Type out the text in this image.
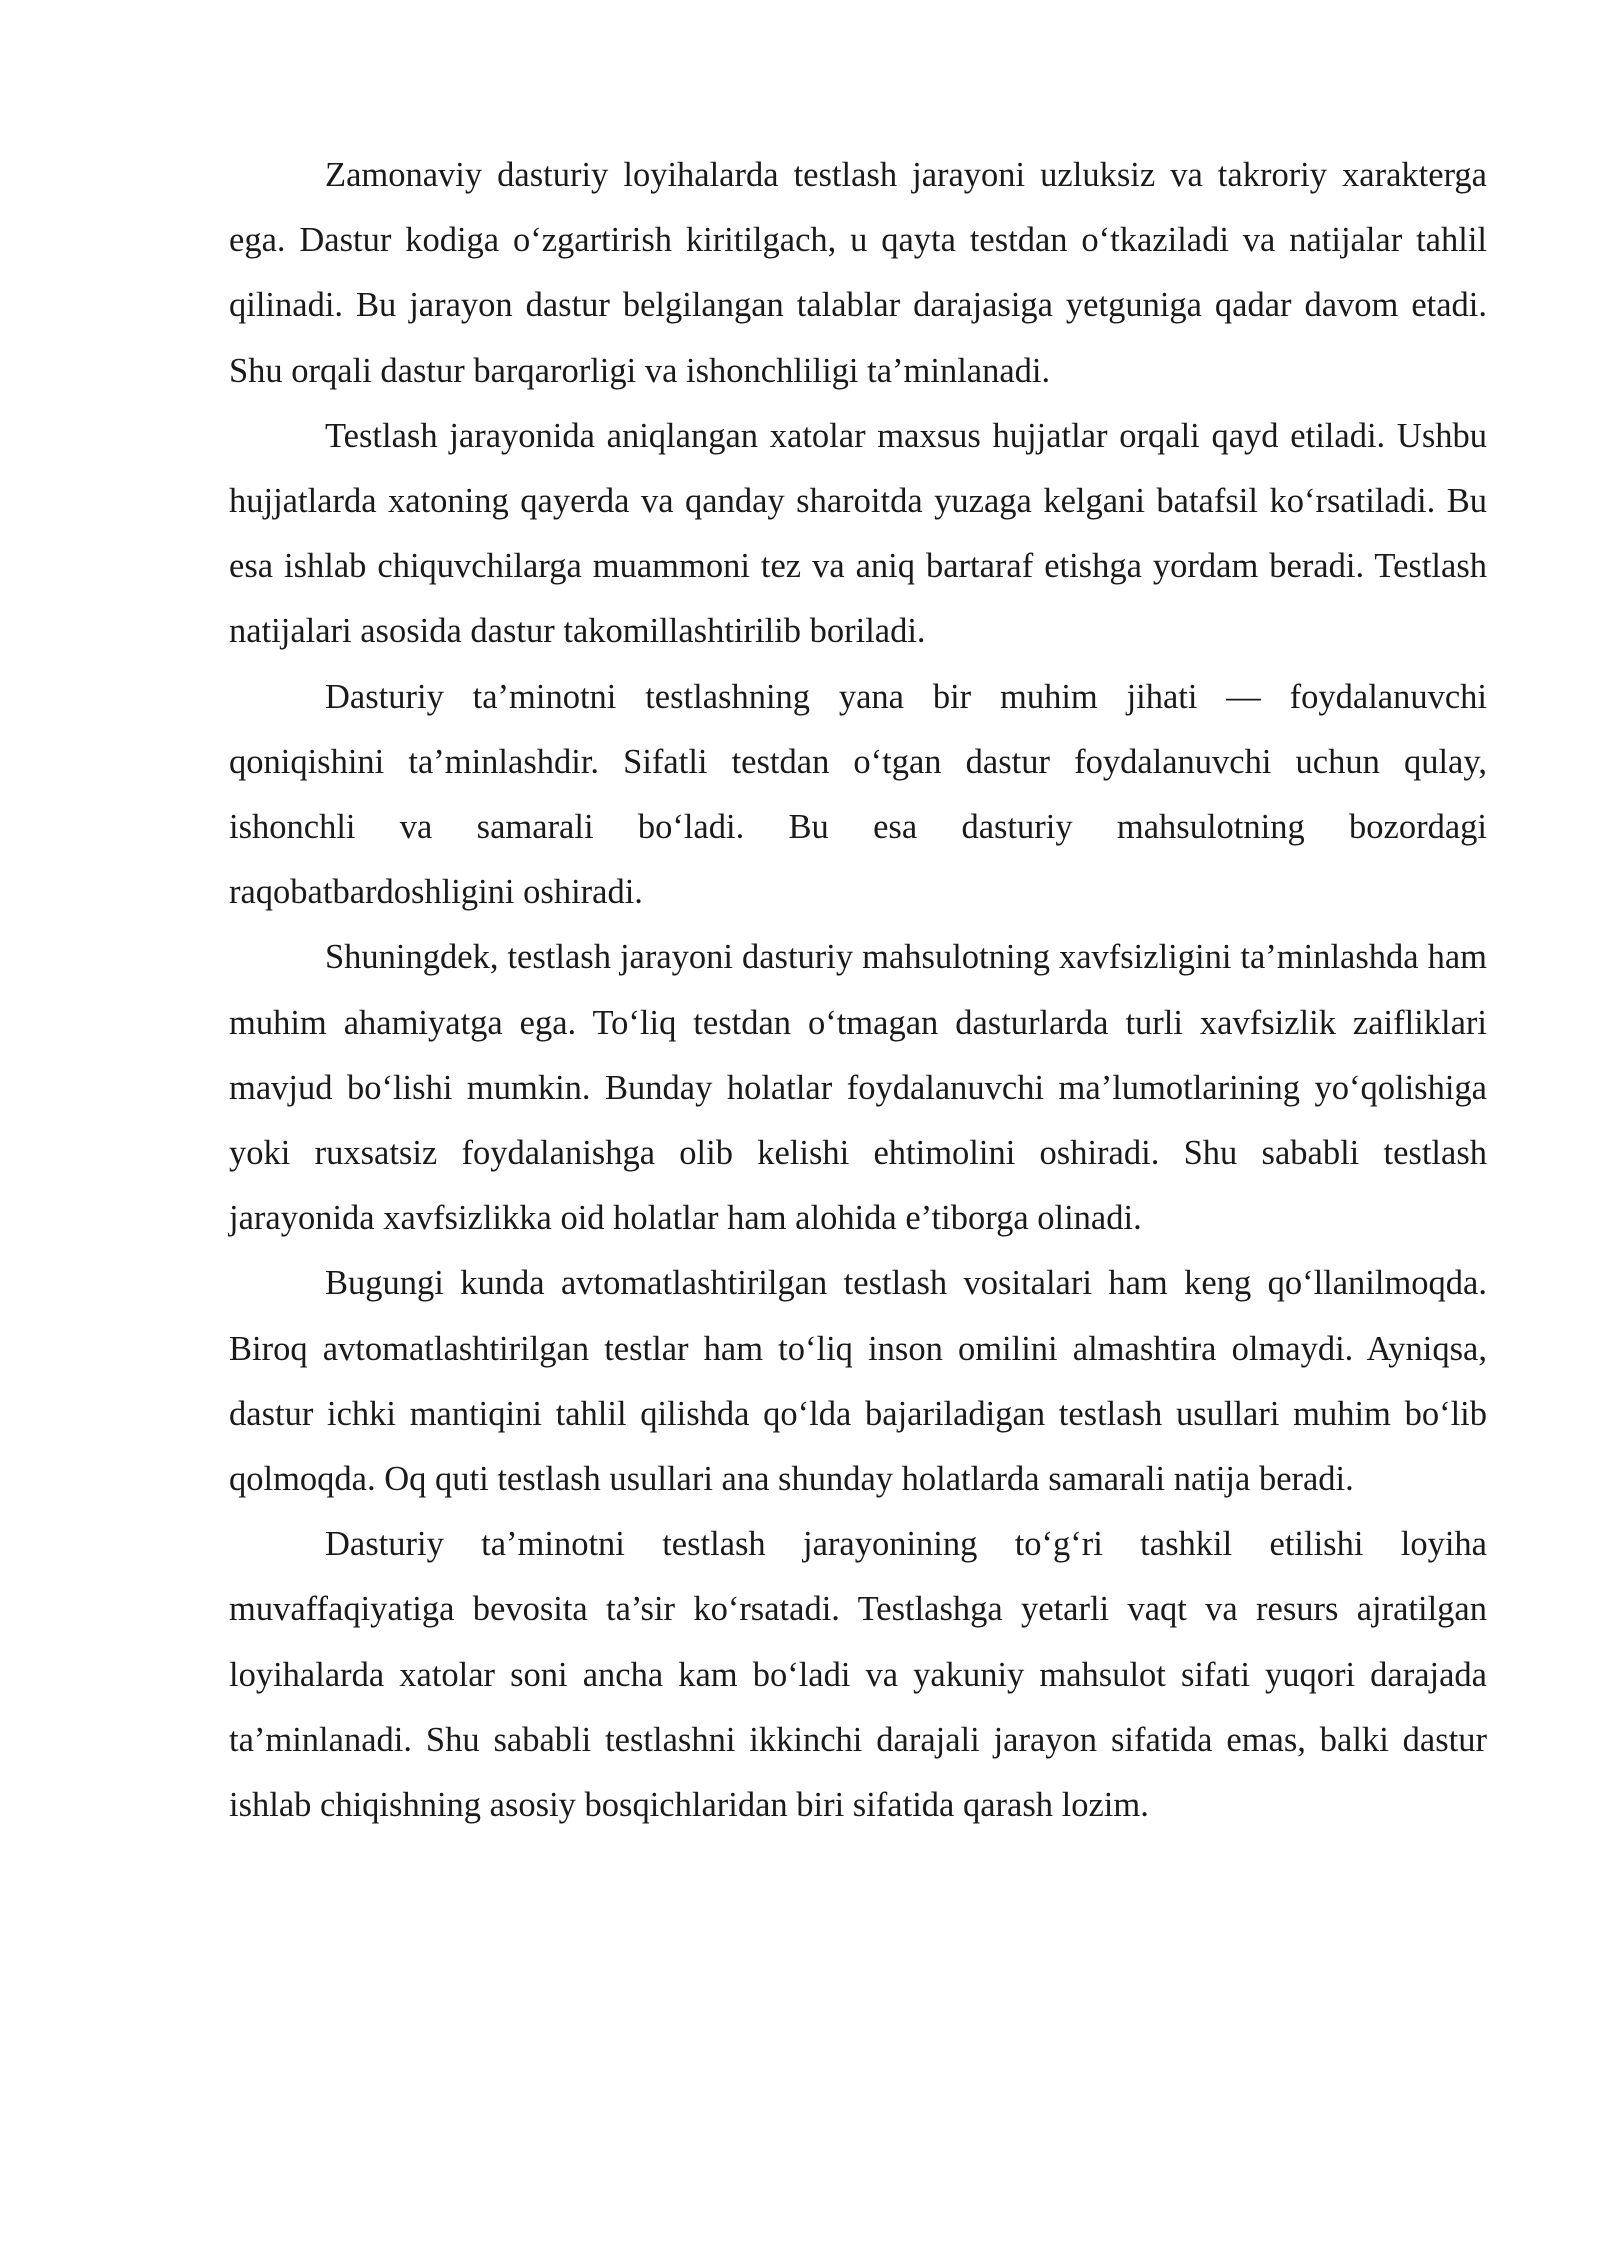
Zamonaviy dasturiy loyihalarda testlash jarayoni uzluksiz va takroriy xarakterga ega. Dastur kodiga o‘zgartirish kiritilgach, u qayta testdan o‘tkaziladi va natijalar tahlil qilinadi. Bu jarayon dastur belgilangan talablar darajasiga yetguniga qadar davom etadi. Shu orqali dastur barqarorligi va ishonchliligi ta’minlanadi.

Testlash jarayonida aniqlangan xatolar maxsus hujjatlar orqali qayd etiladi. Ushbu hujjatlarda xatoning qayerda va qanday sharoitda yuzaga kelgani batafsil ko‘rsatiladi. Bu esa ishlab chiquvchilarga muammoni tez va aniq bartaraf etishga yordam beradi. Testlash natijalari asosida dastur takomillashtirilib boriladi.

Dasturiy ta’minotni testlashning yana bir muhim jihati — foydalanuvchi qoniqishini ta’minlashdir. Sifatli testdan o‘tgan dastur foydalanuvchi uchun qulay, ishonchli va samarali bo‘ladi. Bu esa dasturiy mahsulotning bozordagi raqobatbardoshligini oshiradi.

Shuningdek, testlash jarayoni dasturiy mahsulotning xavfsizligini ta’minlashda ham muhim ahamiyatga ega. To‘liq testdan o‘tmagan dasturlarda turli xavfsizlik zaifliklari mavjud bo‘lishi mumkin. Bunday holatlar foydalanuvchi ma’lumotlarining yo‘qolishiga yoki ruxsatsiz foydalanishga olib kelishi ehtimolini oshiradi. Shu sababli testlash jarayonida xavfsizlikka oid holatlar ham alohida e’tiborga olinadi.

Bugungi kunda avtomatlashtirilgan testlash vositalari ham keng qo‘llanilmoqda. Biroq avtomatlashtirilgan testlar ham to‘liq inson omilini almashtira olmaydi. Ayniqsa, dastur ichki mantiqini tahlil qilishda qo‘lda bajariladigan testlash usullari muhim bo‘lib qolmoqda. Oq quti testlash usullari ana shunday holatlarda samarali natija beradi.

Dasturiy ta’minotni testlash jarayonining to‘g‘ri tashkil etilishi loyiha muvaffaqiyatiga bevosita ta’sir ko‘rsatadi. Testlashga yetarli vaqt va resurs ajratilgan loyihalarda xatolar soni ancha kam bo‘ladi va yakuniy mahsulot sifati yuqori darajada ta’minlanadi. Shu sababli testlashni ikkinchi darajali jarayon sifatida emas, balki dastur ishlab chiqishning asosiy bosqichlaridan biri sifatida qarash lozim.
